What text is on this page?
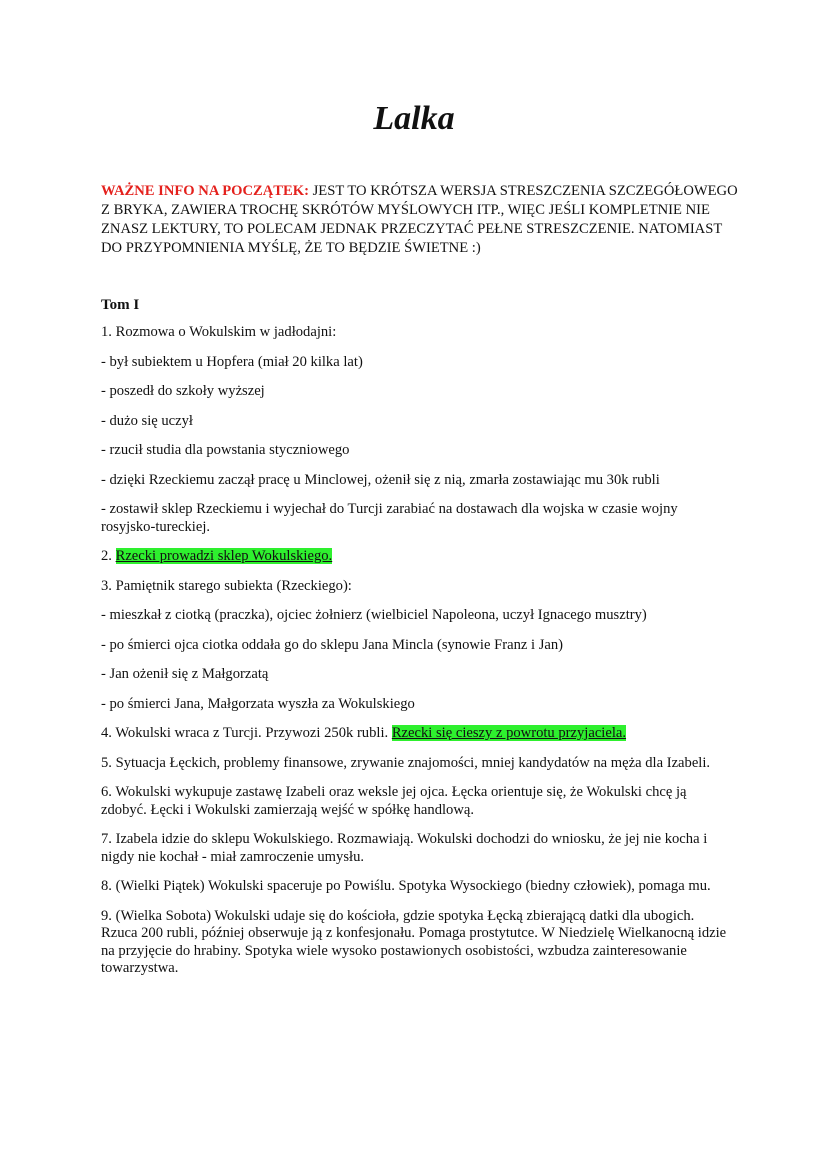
Lalka

WAŻNE INFO NA POCZĄTEK: JEST TO KRÓTSZA WERSJA STRESZCZENIA SZCZEGÓŁOWEGO Z BRYKA, ZAWIERA TROCHĘ SKRÓTÓW MYŚLOWYCH ITP., WIĘC JEŚLI KOMPLETNIE NIE ZNASZ LEKTURY, TO POLECAM JEDNAK PRZECZYTAĆ PEŁNE STRESZCZENIE. NATOMIAST DO PRZYPOMNIENIA MYŚLĘ, ŻE TO BĘDZIE ŚWIETNE :)

Tom I

1. Rozmowa o Wokulskim w jadłodajni:

- był subiektem u Hopfera (miał 20 kilka lat)

- poszedł do szkoły wyższej

- dużo się uczył

- rzucił studia dla powstania styczniowego

- dzięki Rzeckiemu zaczął pracę u Minclowej, ożenił się z nią, zmarła zostawiając mu 30k rubli

- zostawił sklep Rzeckiemu i wyjechał do Turcji zarabiać na dostawach dla wojska w czasie wojny rosyjsko-tureckiej.

2. Rzecki prowadzi sklep Wokulskiego.

3. Pamiętnik starego subiekta (Rzeckiego):

- mieszkał z ciotką (praczka), ojciec żołnierz (wielbiciel Napoleona, uczył Ignacego musztry)

- po śmierci ojca ciotka oddała go do sklepu Jana Mincla (synowie Franz i Jan)

- Jan ożenił się z Małgorzatą

- po śmierci Jana, Małgorzata wyszła za Wokulskiego

4. Wokulski wraca z Turcji. Przywozi 250k rubli. Rzecki się cieszy z powrotu przyjaciela.

5. Sytuacja Łęckich, problemy finansowe, zrywanie znajomości, mniej kandydatów na męża dla Izabeli.

6. Wokulski wykupuje zastawę Izabeli oraz weksle jej ojca. Łęcka orientuje się, że Wokulski chcę ją zdobyć. Łęcki i Wokulski zamierzają wejść w spółkę handlową.

7. Izabela idzie do sklepu Wokulskiego. Rozmawiają. Wokulski dochodzi do wniosku, że jej nie kocha i nigdy nie kochał - miał zamroczenie umysłu.

8. (Wielki Piątek) Wokulski spaceruje po Powiślu. Spotyka Wysockiego (biedny człowiek), pomaga mu.

9. (Wielka Sobota) Wokulski udaje się do kościoła, gdzie spotyka Łęcką zbierającą datki dla ubogich. Rzuca 200 rubli, później obserwuje ją z konfesjonału. Pomaga prostytutce. W Niedzielę Wielkanocną idzie na przyjęcie do hrabiny. Spotyka wiele wysoko postawionych osobistości, wzbudza zainteresowanie towarzystwa.
